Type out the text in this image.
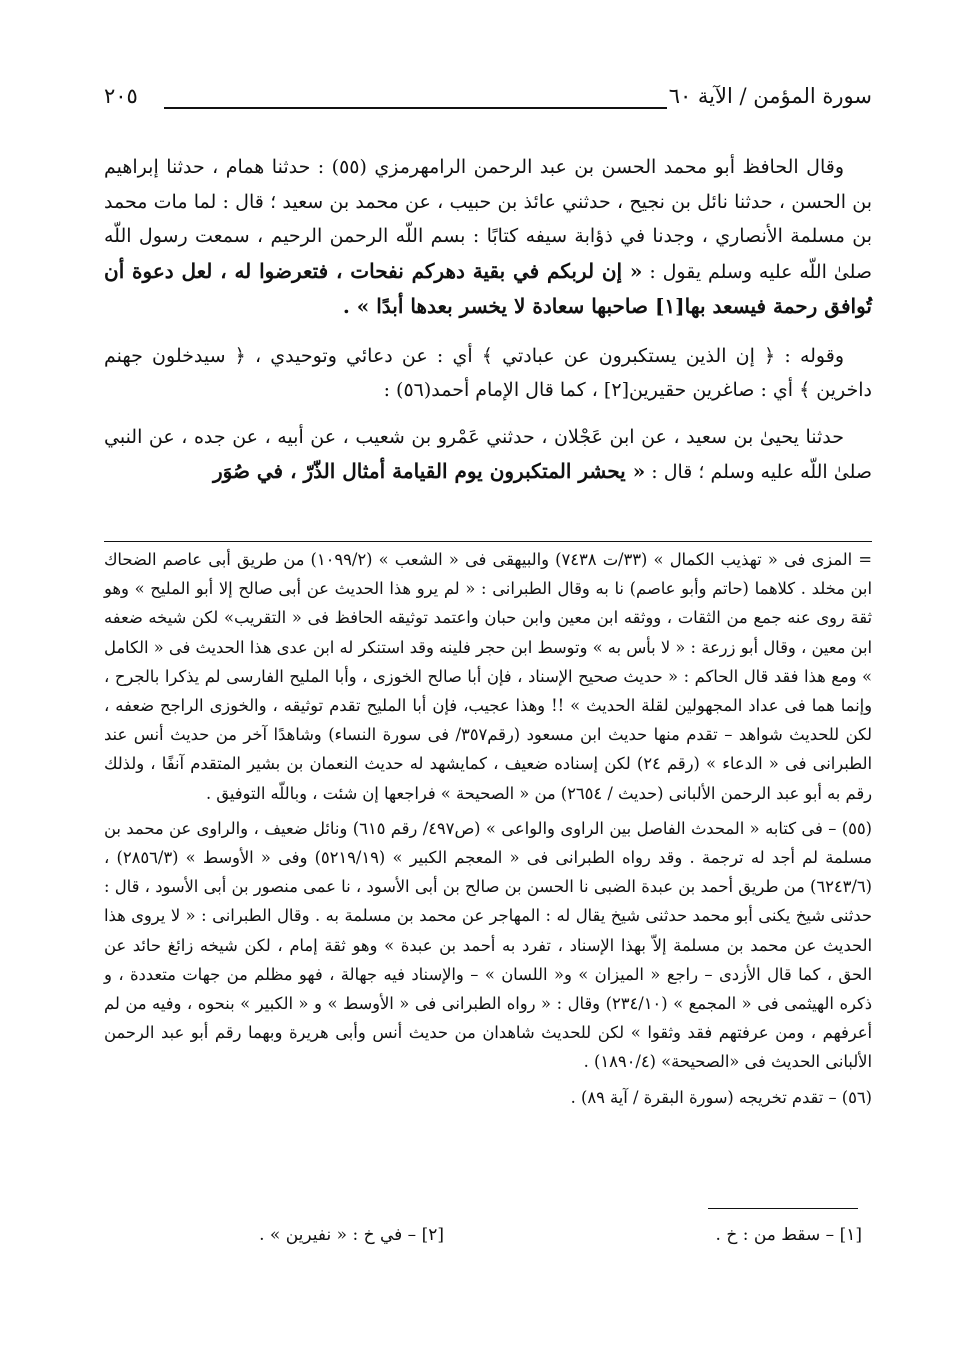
سورة المؤمن / الآية ٦٠
٢٠٥

وقال الحافظ أبو محمد الحسن بن عبد الرحمن الرامهرمزي (٥٥) : حدثنا همام ، حدثنا إبراهيم بن الحسن ، حدثنا نائل بن نجيح ، حدثني عائذ بن حبيب ، عن محمد بن سعيد ؛ قال : لما مات محمد بن مسلمة الأنصاري ، وجدنا في ذؤابة سيفه كتابًا : بسم اللّه الرحمن الرحيم ، سمعت رسول اللّه صلىٰ اللّه عليه وسلم يقول : « إن لربكم في بقية دهركم نفحات ، فتعرضوا له ، لعل دعوة أن تُوافق رحمة فيسعد بها[١] صاحبها سعادة لا يخسر بعدها أبدًا » .

وقوله : ﴿ إن الذين يستكبرون عن عبادتي ﴾ أي : عن دعائي وتوحيدي ، ﴿ سيدخلون جهنم داخرين ﴾ أي : صاغرين حقيرين[٢] ، كما قال الإمام أحمد(٥٦) :

حدثنا يحيىٰ بن سعيد ، عن ابن عَجْلان ، حدثني عَمْرو بن شعيب ، عن أبيه ، عن جده ، عن النبي صلىٰ اللّه عليه وسلم ؛ قال : « يحشر المتكبرون يوم القيامة أمثال الذّرّ ، في صُوَر

= المزى فى « تهذيب الكمال » (٣٣/ت ٧٤٣٨) والبيهقى فى « الشعب » (١٠٩٩/٢) من طريق أبى عاصم الضحاك ابن مخلد . كلاهما (حاتم وأبو عاصم) نا به وقال الطبرانى : « لم يرو هذا الحديث عن أبى صالح إلا أبو المليح » وهو ثقة روى عنه جمع من الثقات ، ووثقه ابن معين وابن حبان واعتمد توثيقه الحافظ فى « التقريب» لكن شيخه ضعفه ابن معين ، وقال أبو زرعة : « لا بأس به » وتوسط ابن حجر فلينه وقد استنكر له ابن عدى هذا الحديث فى « الكامل » ومع هذا فقد قال الحاكم : « حديث صحيح الإسناد ، فإن أبا صالح الخوزى ، وأبا المليح الفارسى لم يذكرا بالجرح ، وإنما هما فى عداد المجهولين لقلة الحديث » !! وهذا عجيب، فإن أبا المليح تقدم توثيقه ، والخوزى الراجح ضعفه ، لكن للحديث شواهد – تقدم منها حديث ابن مسعود (رقم٣٥٧/ فى سورة النساء) وشاهدًا آخر من حديث أنس عند الطبرانى فى « الدعاء » (رقم ٢٤) لكن إسناده ضعيف ، كمايشهد له حديث النعمان بن بشير المتقدم آنفًا ، ولذلك رقم به أبو عبد الرحمن الألبانى (حديث / ٢٦٥٤) من « الصحيحة » فراجعها إن شئت ، وباللّه التوفيق .

(٥٥) – فى كتابه « المحدث الفاصل بين الراوى والواعى » (ص٤٩٧/ رقم ٦١٥) ونائل ضعيف ، والراوى عن محمد بن مسلمة لم أجد له ترجمة . وقد رواه الطبرانى فى « المعجم الكبير » (٥٢١٩/١٩) وفى « الأوسط » (٢٨٥٦/٣) ، (٦٢٤٣/٦) من طريق أحمد بن عبدة الضبى نا الحسن بن صالح بن أبى الأسود ، نا عمى منصور بن أبى الأسود ، قال : حدثنى شيخ يكنى أبو محمد حدثنى شيخ يقال له : المهاجر عن محمد بن مسلمة به . وقال الطبرانى : « لا يروى هذا الحديث عن محمد بن مسلمة إلاّ بهذا الإسناد ، تفرد به أحمد بن عبدة » وهو ثقة إمام ، لكن شيخه زائغ حائد عن الحق ، كما قال الأزدى – راجع « الميزان » و« اللسان » – والإسناد فيه جهالة ، فهو مظلم من جهات متعددة ، و ذكره الهيثمى فى « المجمع » (٢٣٤/١٠) وقال : « رواه الطبرانى فى « الأوسط » و « الكبير » بنحوه ، وفيه من لم أعرفهم ، ومن عرفتهم فقد وثقوا » لكن للحديث شاهدان من حديث أنس وأبى هريرة وبهما رقم أبو عبد الرحمن الألبانى الحديث فى «الصحيحة» (١٨٩٠/٤) .

(٥٦) – تقدم تخريجه (سورة البقرة / آية ٨٩) .

[١] – سقط من : خ .
[٢] – في خ : « نفيرين » .
